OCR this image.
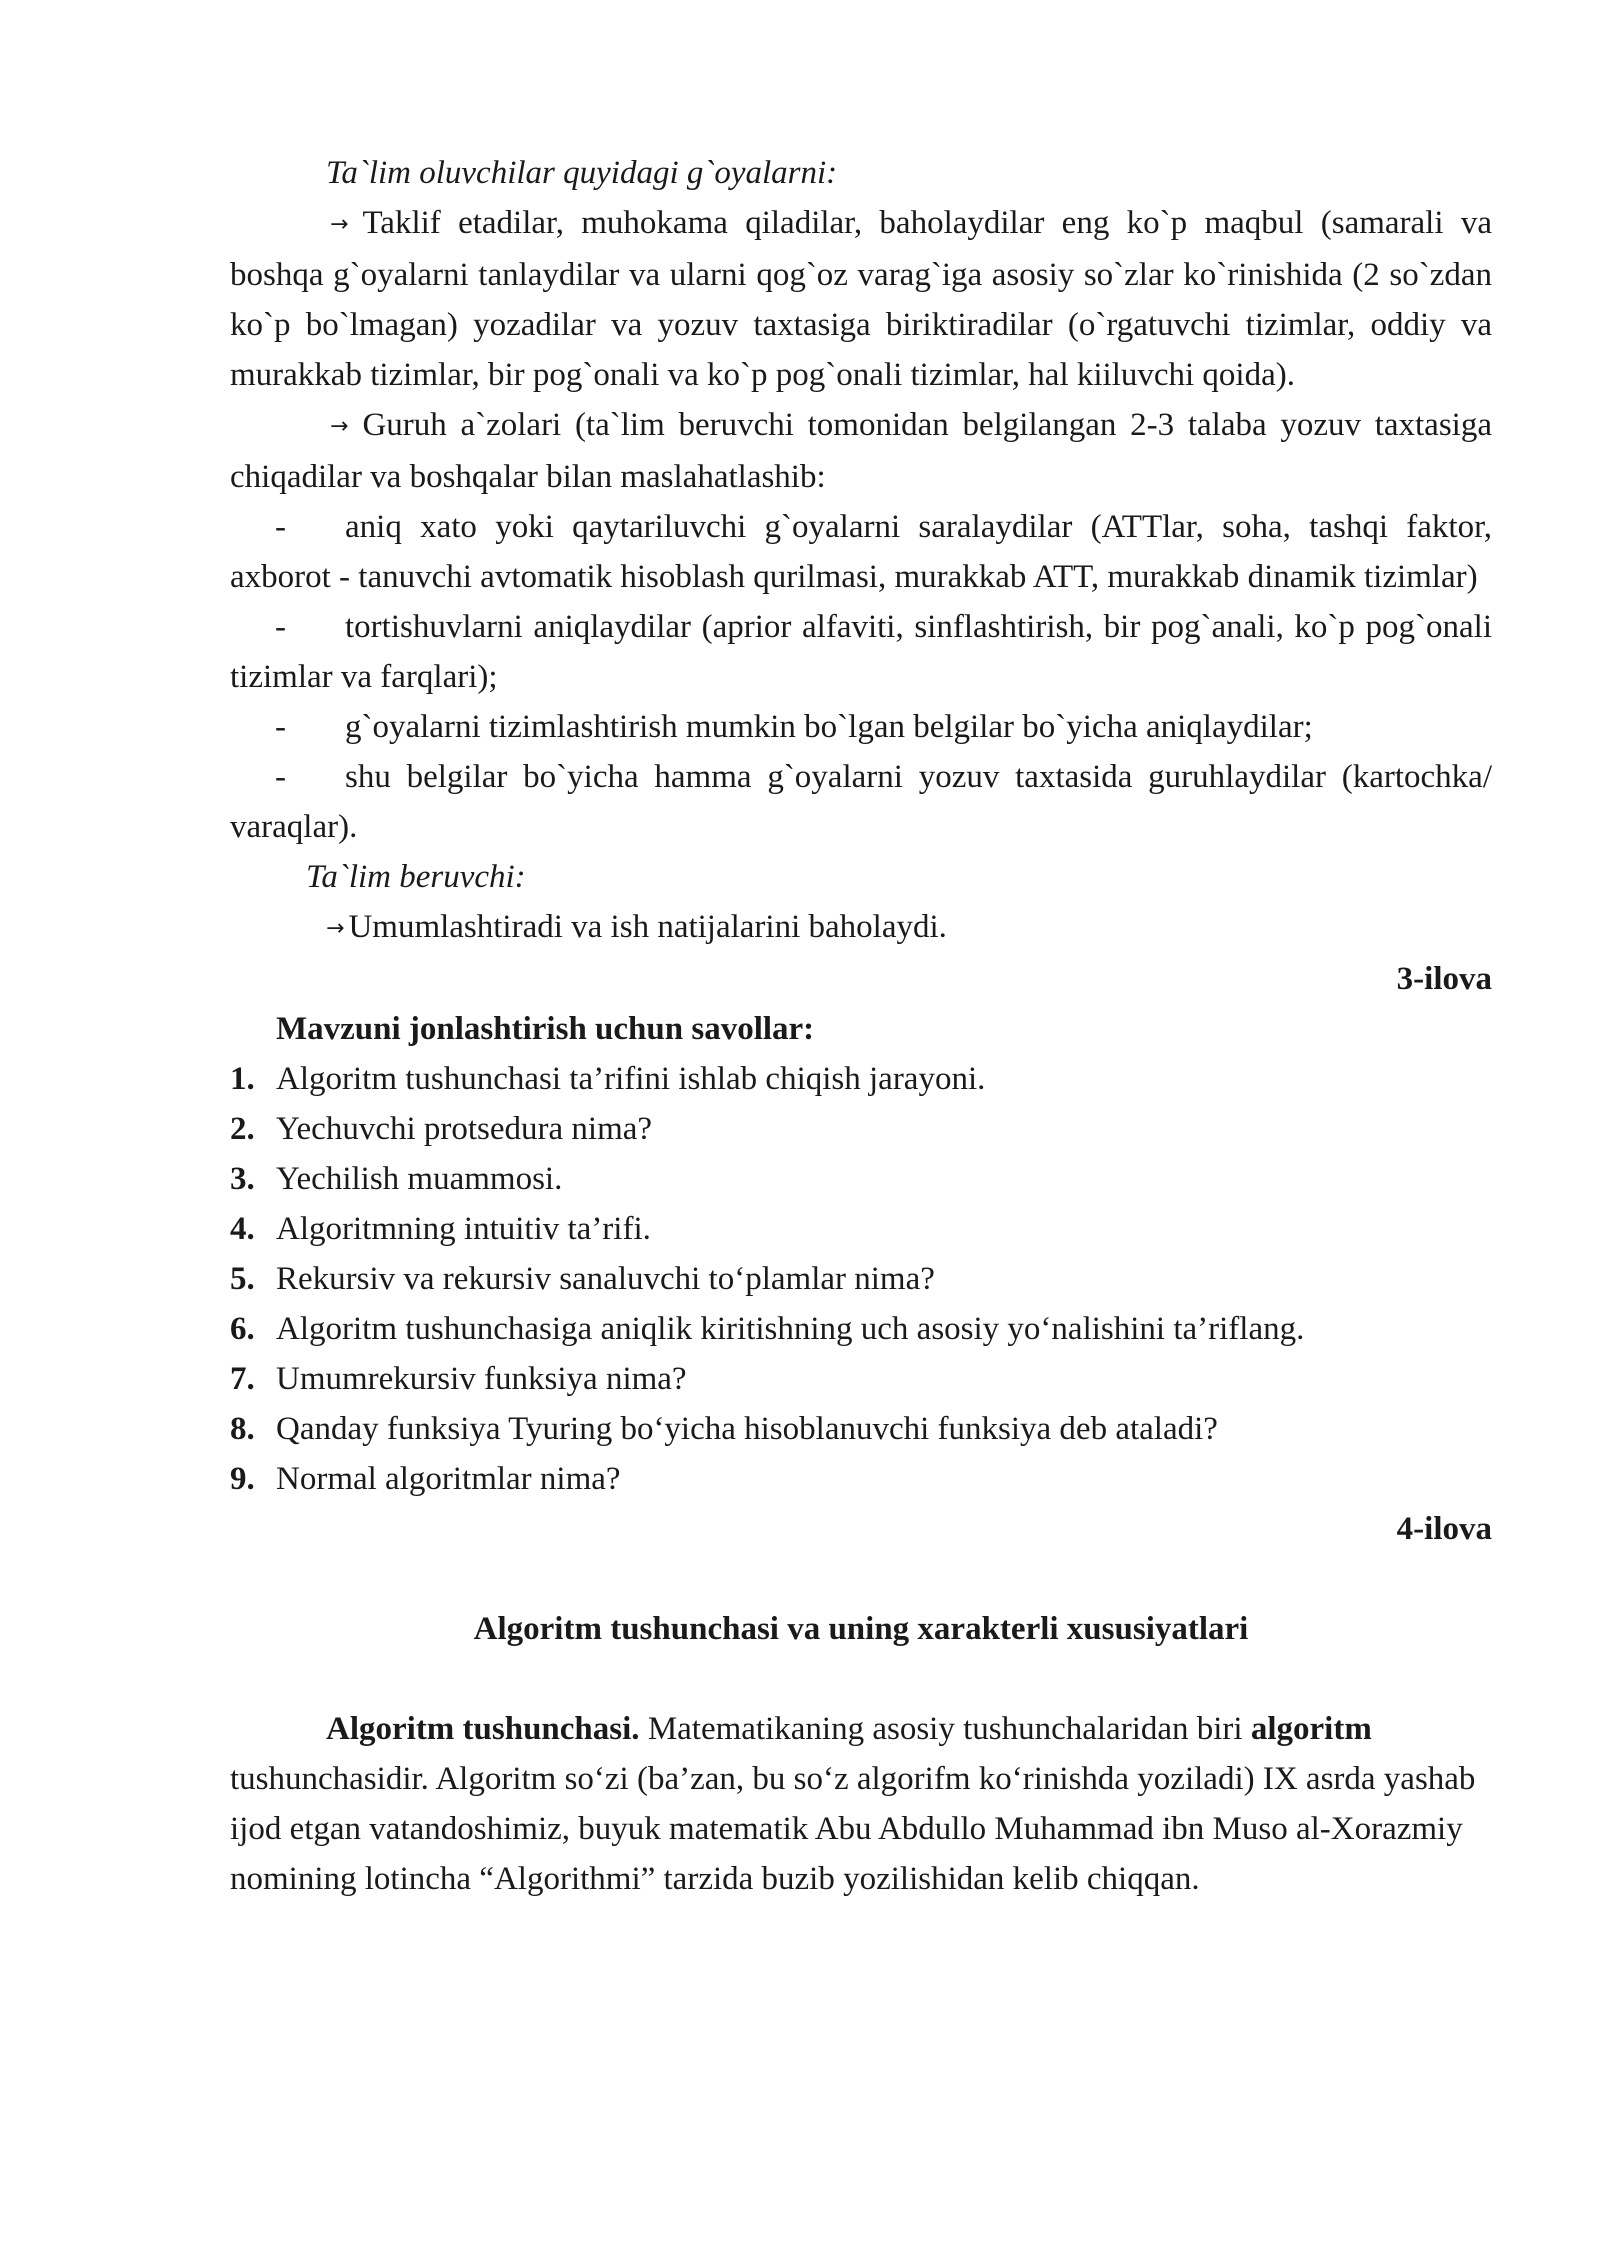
Ta`lim oluvchilar quyidagi g`oyalarni:
→ Taklif etadilar, muhokama qiladilar, baholaydilar eng ko`p maqbul (samarali va boshqa g`oyalarni tanlaydilar va ularni qog`oz varag`iga asosiy so`zlar ko`rinishida (2 so`zdan ko`p bo`lmagan) yozadilar va yozuv taxtasiga biriktiradilar (o`rgatuvchi tizimlar, oddiy va murakkab tizimlar, bir pog`onali va ko`p pog`onali tizimlar, hal kiiluvchi qoida).
→ Guruh a`zolari (ta`lim beruvchi tomonidan belgilangan 2-3 talaba yozuv taxtasiga chiqadilar va boshqalar bilan maslahatlashib:
- aniq xato yoki qaytariluvchi g`oyalarni saralaydilar (ATTlar, soha, tashqi faktor, axborot - tanuvchi avtomatik hisoblash qurilmasi, murakkab ATT, murakkab dinamik tizimlar)
- tortishuvlarni aniqlaydilar (aprior alfaviti, sinflashtirish, bir pog`anali, ko`p pog`onali tizimlar va farqlari);
- g`oyalarni tizimlashtirish mumkin bo`lgan belgilar bo`yicha aniqlaydilar;
- shu belgilar bo`yicha hamma g`oyalarni yozuv taxtasida guruhlaydilar (kartochka/ varaqlar).
Ta`lim beruvchi:
→ Umumlashtiradi va ish natijalarini baholaydi.
3-ilova
Mavzuni jonlashtirish uchun savollar:
1. Algoritm tushunchasi ta’rifini ishlab chiqish jarayoni.
2. Yechuvchi protsedura nima?
3. Yechilish muammosi.
4. Algoritmning intuitiv ta’rifi.
5. Rekursiv va rekursiv sanaluvchi to‘plamlar nima?
6. Algoritm tushunchasiga aniqlik kiritishning uch asosiy yo‘nalishini ta’riflang.
7. Umumrekursiv funksiya nima?
8. Qanday funksiya Tyuring bo‘yicha hisoblanuvchi funksiya deb ataladi?
9. Normal algoritmlar nima?
4-ilova
Algoritm tushunchasi va uning xarakterli xususiyatlari
Algoritm tushunchasi. Matematikaning asosiy tushunchalaridan biri algoritm tushunchasidir. Algoritm so‘zi (ba’zan, bu so‘z algorifm ko‘rinishda yoziladi) IX asrda yashab ijod etgan vatandoshimiz, buyuk matematik Abu Abdullo Muhammad ibn Muso al-Xorazmiy nomining lotincha “Algorithmi” tarzida buzib yozilishidan kelib chiqqan.
